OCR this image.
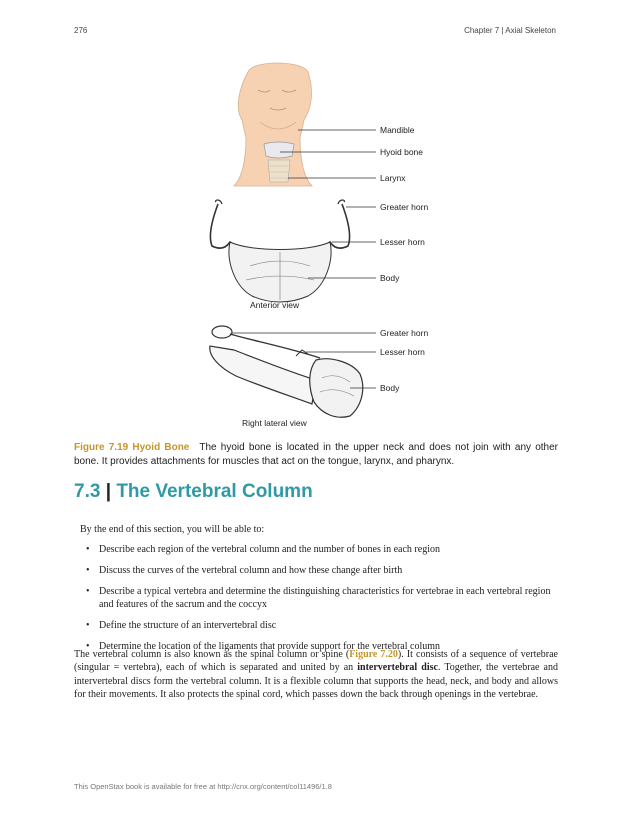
276	Chapter 7 | Axial Skeleton
Mandible
Hyoid bone
Larynx
Greater horn
Lesser horn
Body
Anterior view
Greater horn
Lesser horn
Body
Right lateral view
Figure 7.19 Hyoid Bone The hyoid bone is located in the upper neck and does not join with any other bone. It provides attachments for muscles that act on the tongue, larynx, and pharynx.
7.3 | The Vertebral Column

By the end of this section, you will be able to:

• Describe each region of the vertebral column and the number of bones in each region
• Discuss the curves of the vertebral column and how these change after birth
• Describe a typical vertebra and determine the distinguishing characteristics for vertebrae in each vertebral region and features of the sacrum and the coccyx
• Define the structure of an intervertebral disc
• Determine the location of the ligaments that provide support for the vertebral column

The vertebral column is also known as the spinal column or spine (Figure 7.20). It consists of a sequence of vertebrae (singular = vertebra), each of which is separated and united by an intervertebral disc. Together, the vertebrae and intervertebral discs form the vertebral column. It is a flexible column that supports the head, neck, and body and allows for their movements. It also protects the spinal cord, which passes down the back through openings in the vertebrae.

This OpenStax book is available for free at http://cnx.org/content/col11496/1.8
